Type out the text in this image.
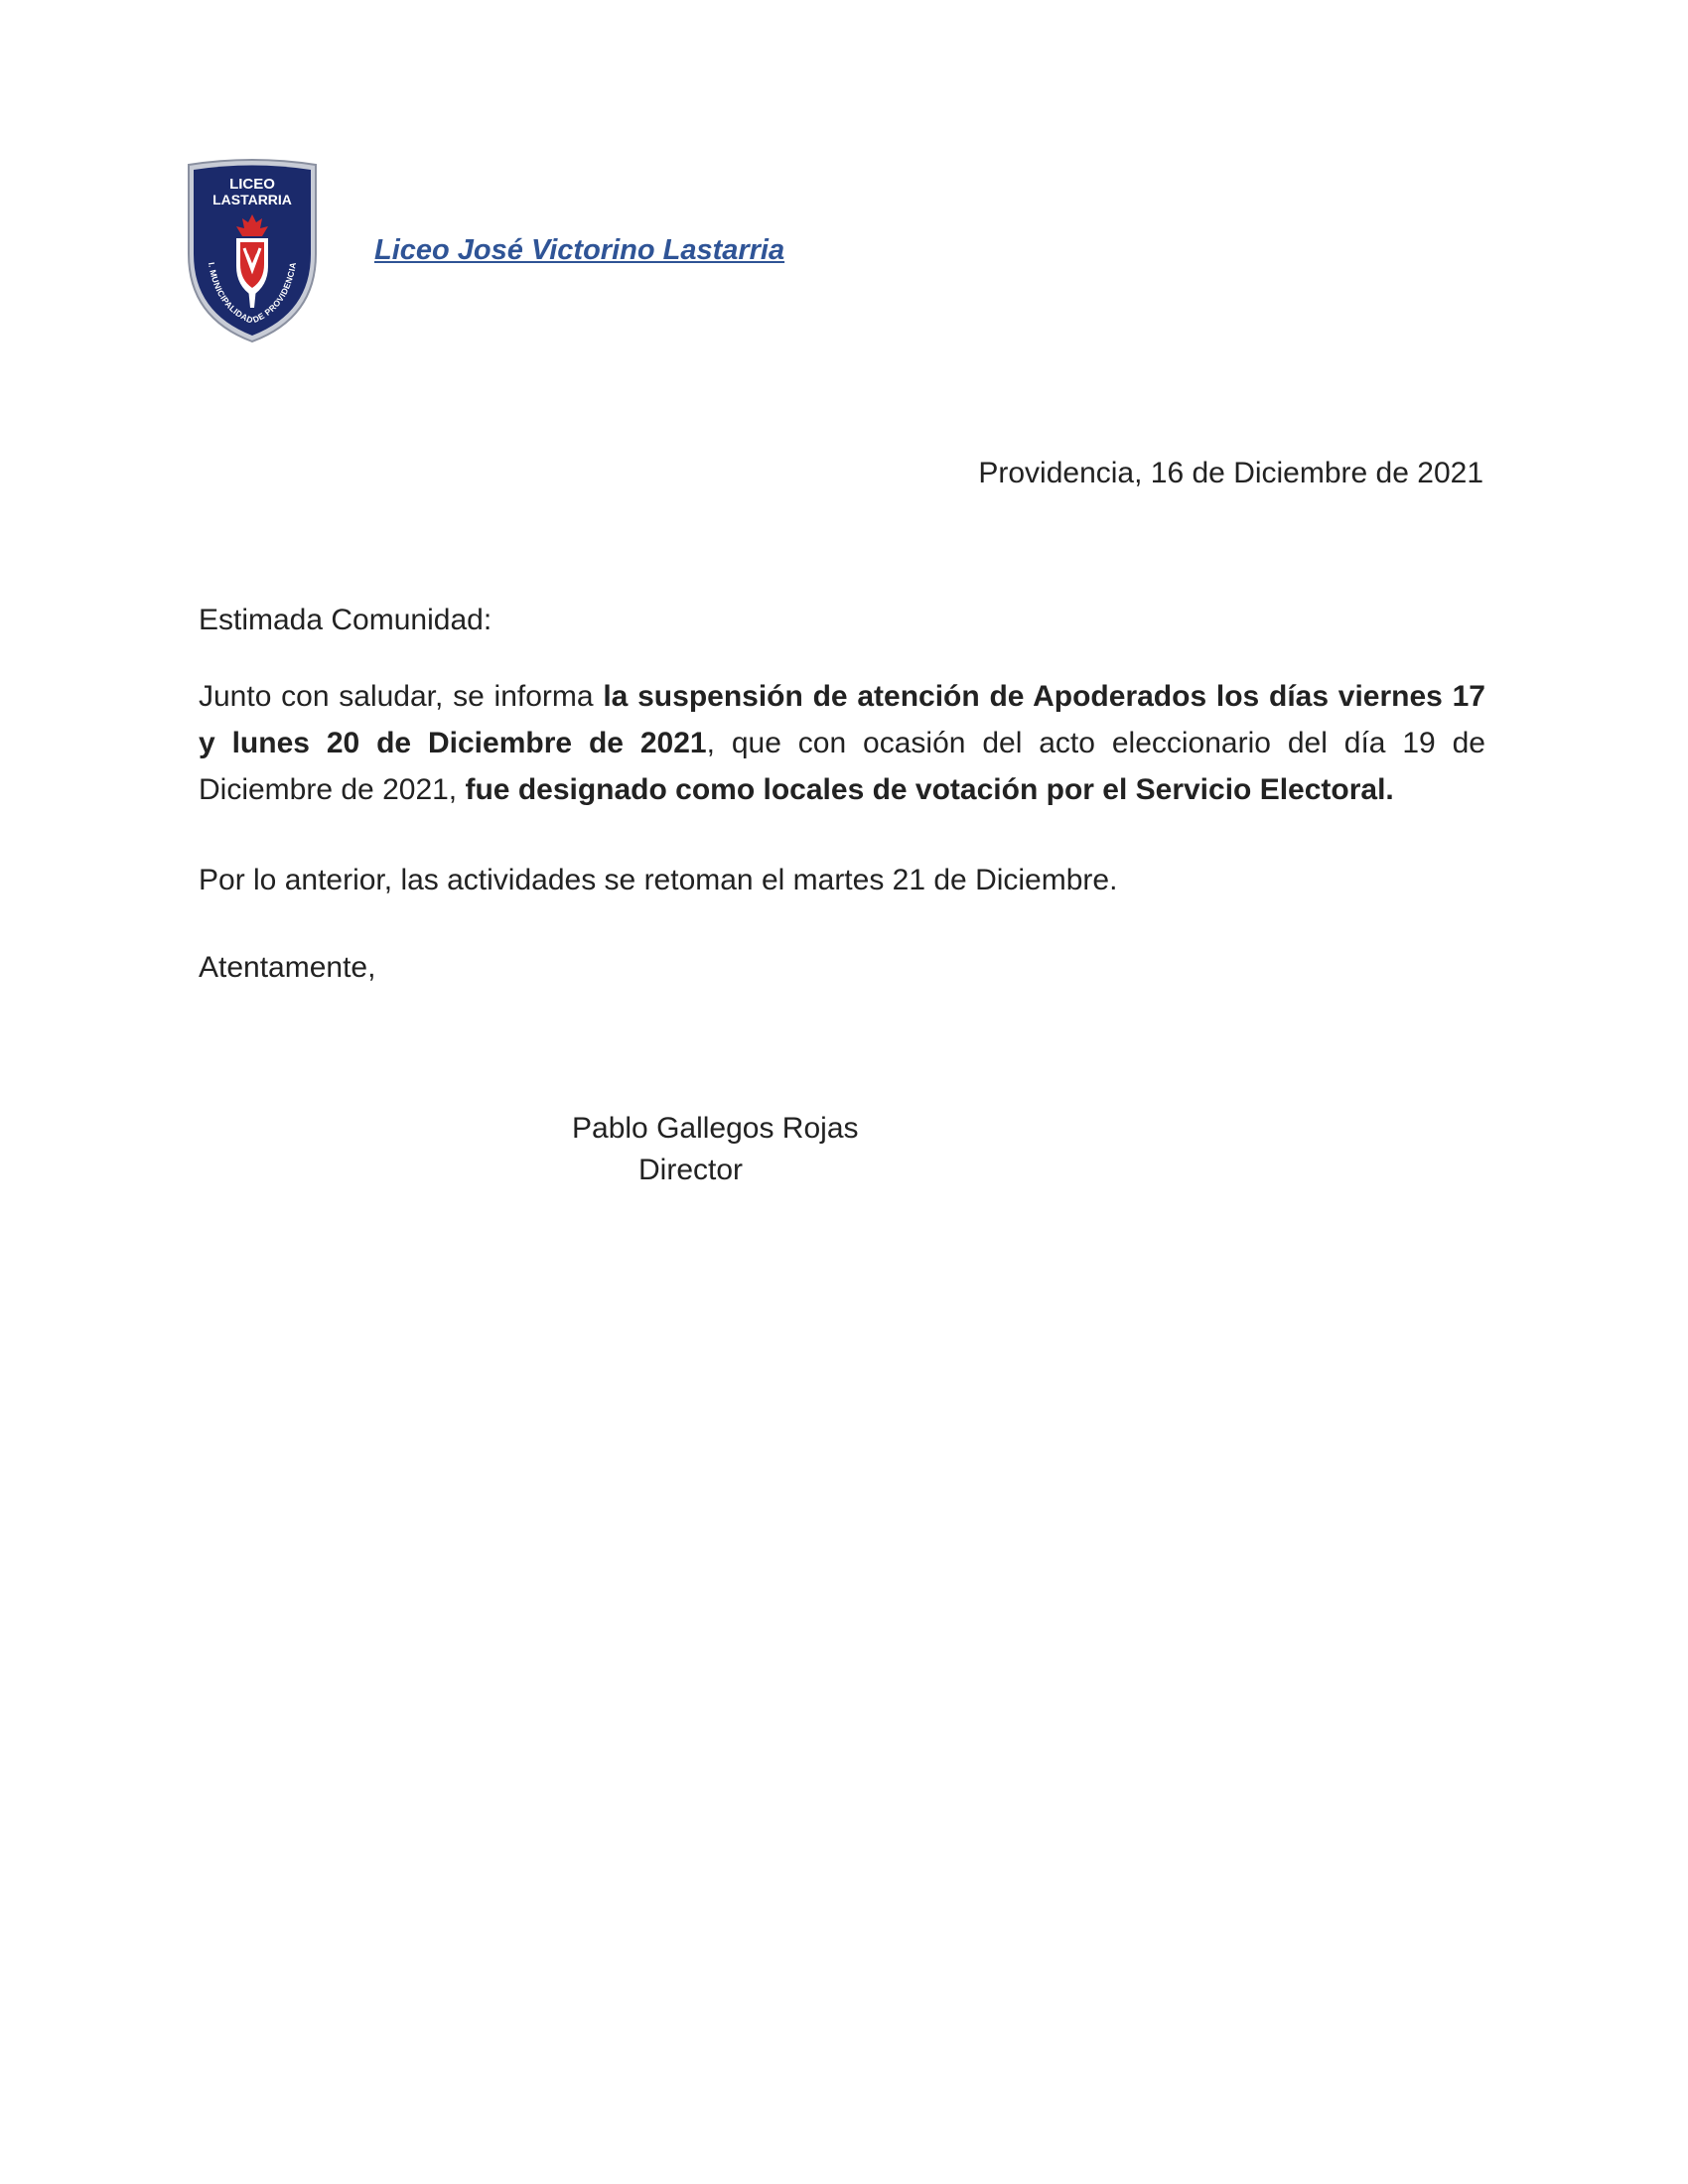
LICEO
LASTARRIA
I. MUNICIPALIDAD DE PROVIDENCIA	Liceo José Victorino Lastarria
Providencia, 16 de Diciembre de 2021
Estimada Comunidad:
Junto con saludar, se informa la suspensión de atención de Apoderados los días viernes 17 y lunes 20 de Diciembre de 2021, que con ocasión del acto eleccionario del día 19 de Diciembre de 2021, fue designado como locales de votación por el Servicio Electoral.
Por lo anterior, las actividades se retoman el martes 21 de Diciembre.
Atentamente,
Pablo Gallegos Rojas
Director
